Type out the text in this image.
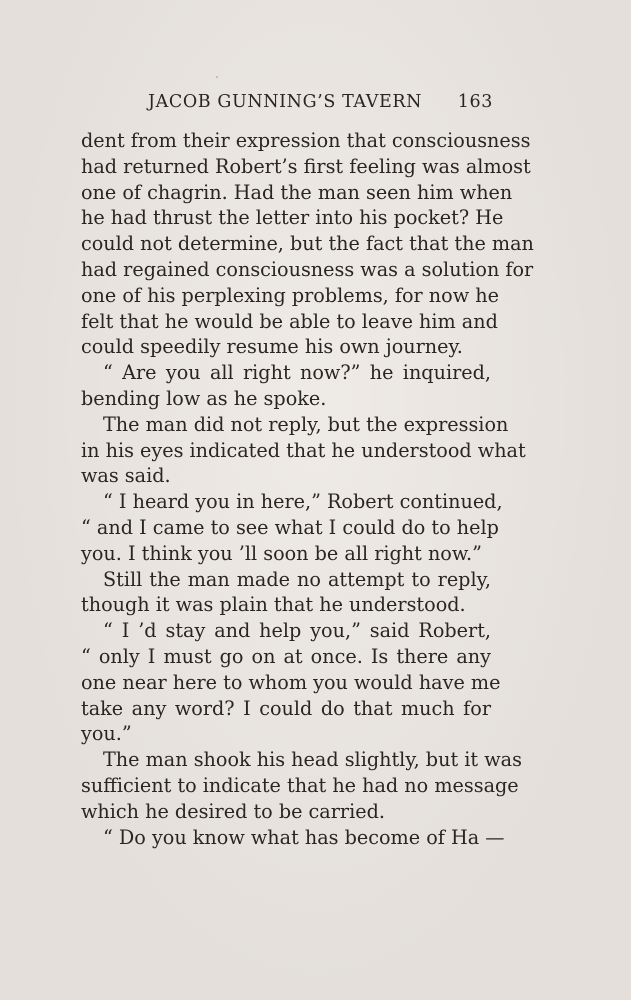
JACOB GUNNING’S TAVERN 163
dent from their expression that consciousness
had returned Robert’s first feeling was almost
one of chagrin. Had the man seen him when
he had thrust the letter into his pocket? He
could not determine, but the fact that the man
had regained consciousness was a solution for
one of his perplexing problems, for now he
felt that he would be able to leave him and
could speedily resume his own journey.
“ Are you all right now?” he inquired,
bending low as he spoke.
The man did not reply, but the expression
in his eyes indicated that he understood what
was said.
“ I heard you in here,” Robert continued,
“ and I came to see what I could do to help
you. I think you ’ll soon be all right now.”
Still the man made no attempt to reply,
though it was plain that he understood.
“ I ’d stay and help you,” said Robert,
“ only I must go on at once. Is there any
one near here to whom you would have me
take any word? I could do that much for
you.”
The man shook his head slightly, but it was
sufficient to indicate that he had no message
which he desired to be carried.
“ Do you know what has become of Ha —
